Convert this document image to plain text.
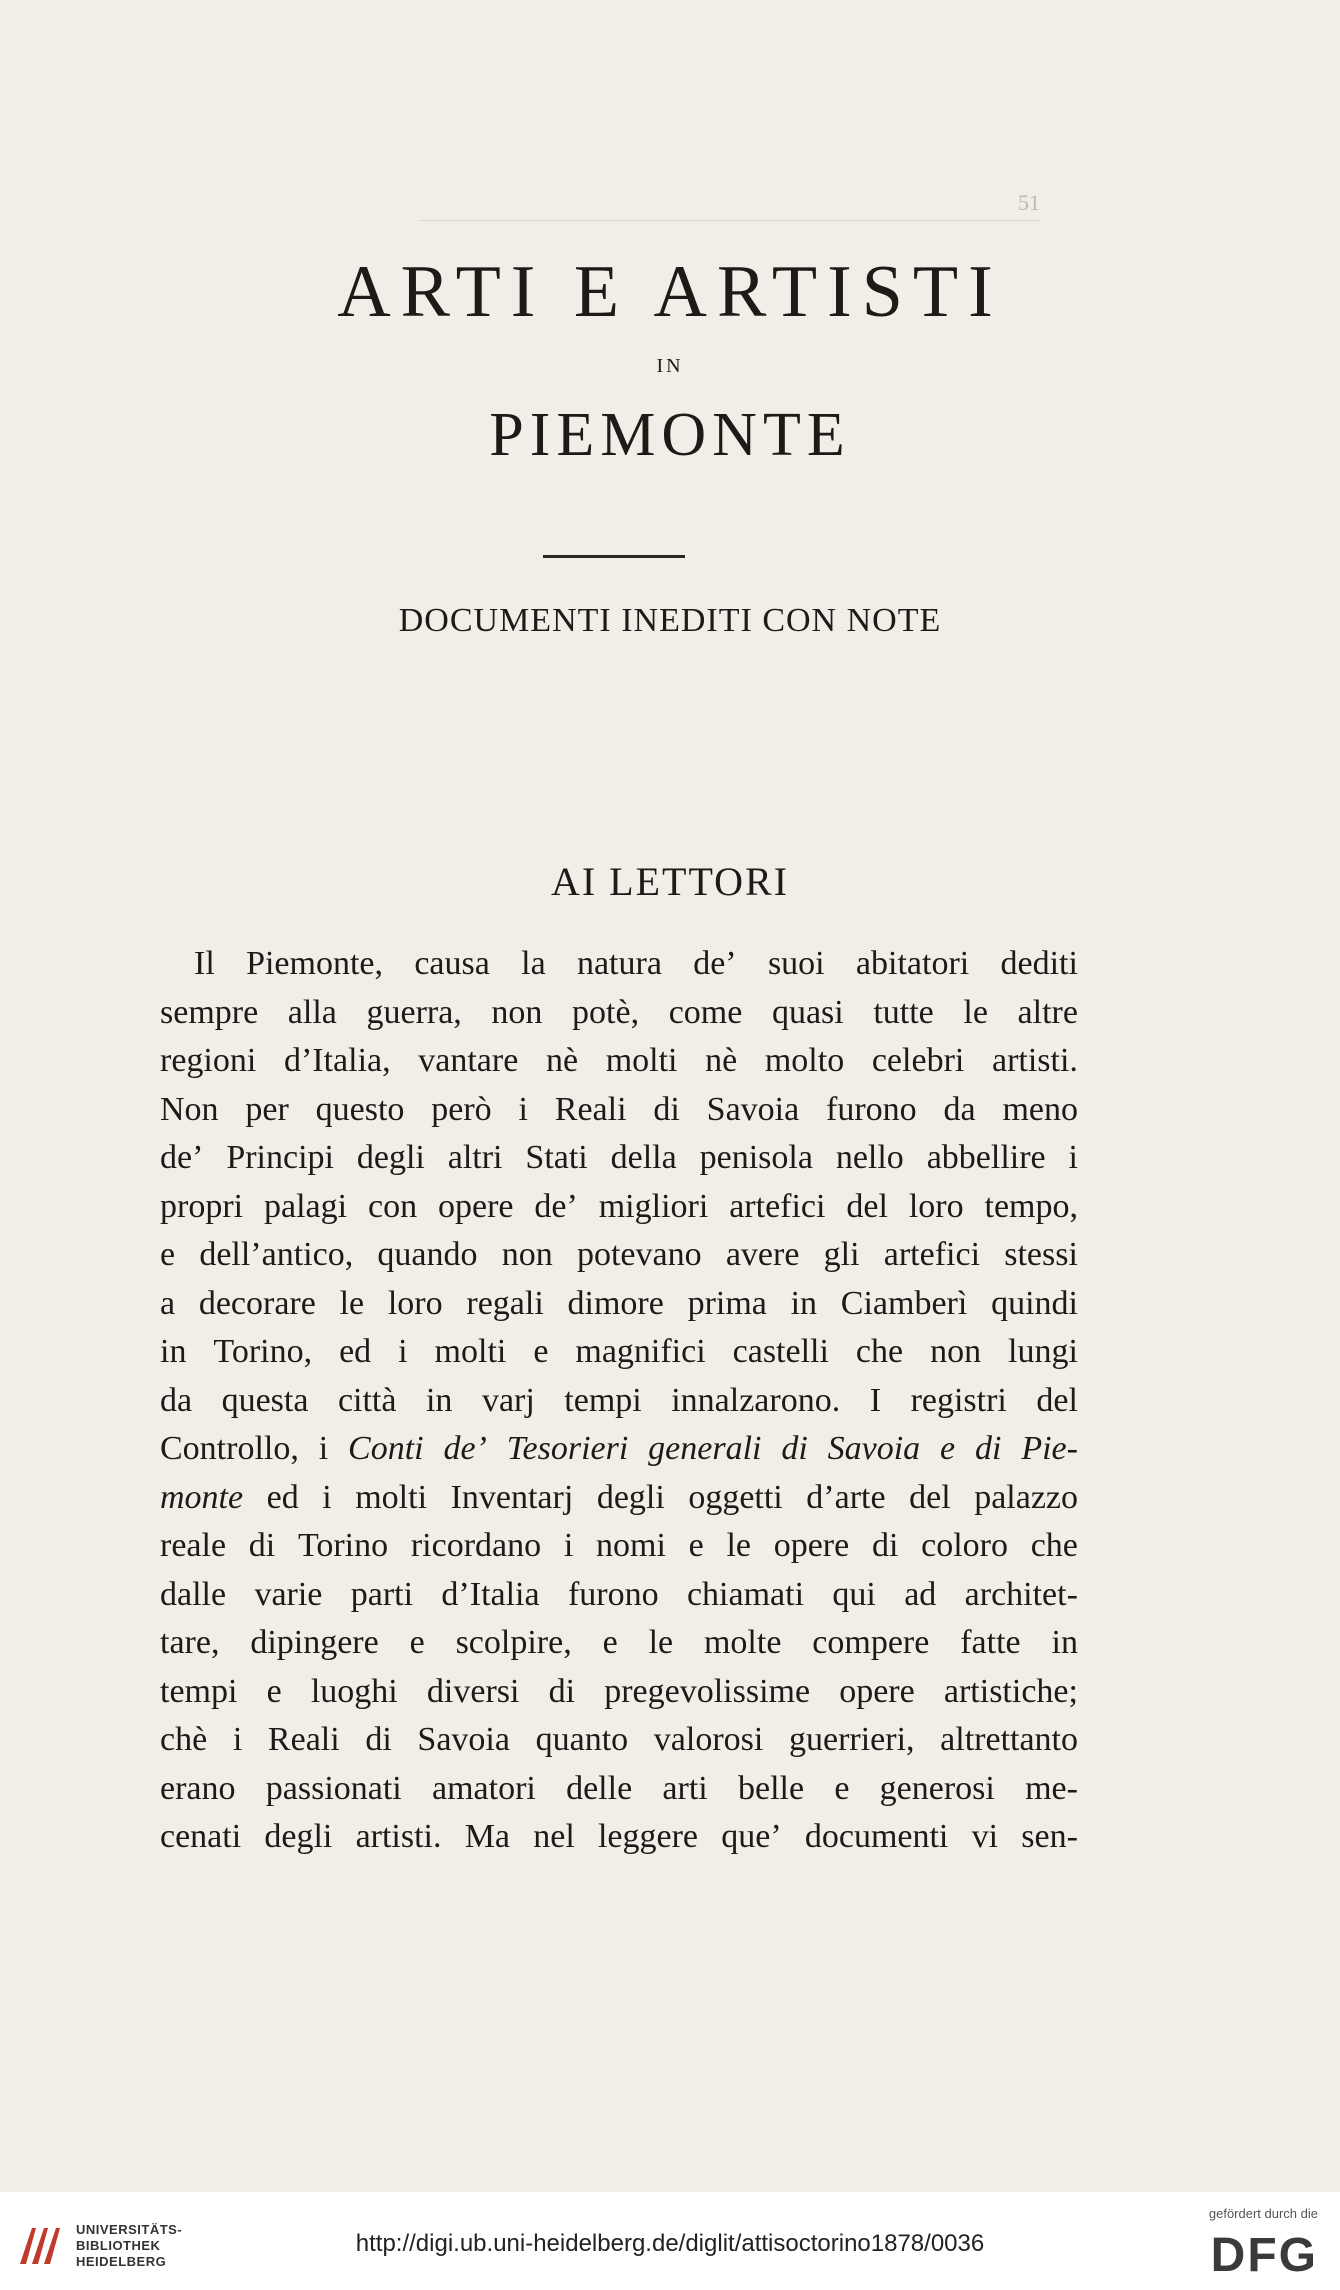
51
ARTI E ARTISTI
IN
PIEMONTE
DOCUMENTI INEDITI CON NOTE
AI LETTORI
Il Piemonte, causa la natura de’ suoi abitatori dediti
sempre alla guerra, non potè, come quasi tutte le altre
regioni d’Italia, vantare nè molti nè molto celebri artisti.
Non per questo però i Reali di Savoia furono da meno
de’ Principi degli altri Stati della penisola nello abbellire i
propri palagi con opere de’ migliori artefici del loro tempo,
e dell’antico, quando non potevano avere gli artefici stessi
a decorare le loro regali dimore prima in Ciamberì quindi
in Torino, ed i molti e magnifici castelli che non lungi
da questa città in varj tempi innalzarono. I registri del
Controllo, i Conti de’ Tesorieri generali di Savoia e di Pie-
monte ed i molti Inventarj degli oggetti d’arte del palazzo
reale di Torino ricordano i nomi e le opere di coloro che
dalle varie parti d’Italia furono chiamati qui ad architet-
tare, dipingere e scolpire, e le molte compere fatte in
tempi e luoghi diversi di pregevolissime opere artistiche;
chè i Reali di Savoia quanto valorosi guerrieri, altrettanto
erano passionati amatori delle arti belle e generosi me-
cenati degli artisti. Ma nel leggere que’ documenti vi sen-
UNIVERSITÄTS-
BIBLIOTHEK
HEIDELBERG
http://digi.ub.uni-heidelberg.de/diglit/attisoctorino1878/0036
gefördert durch die
DFG
